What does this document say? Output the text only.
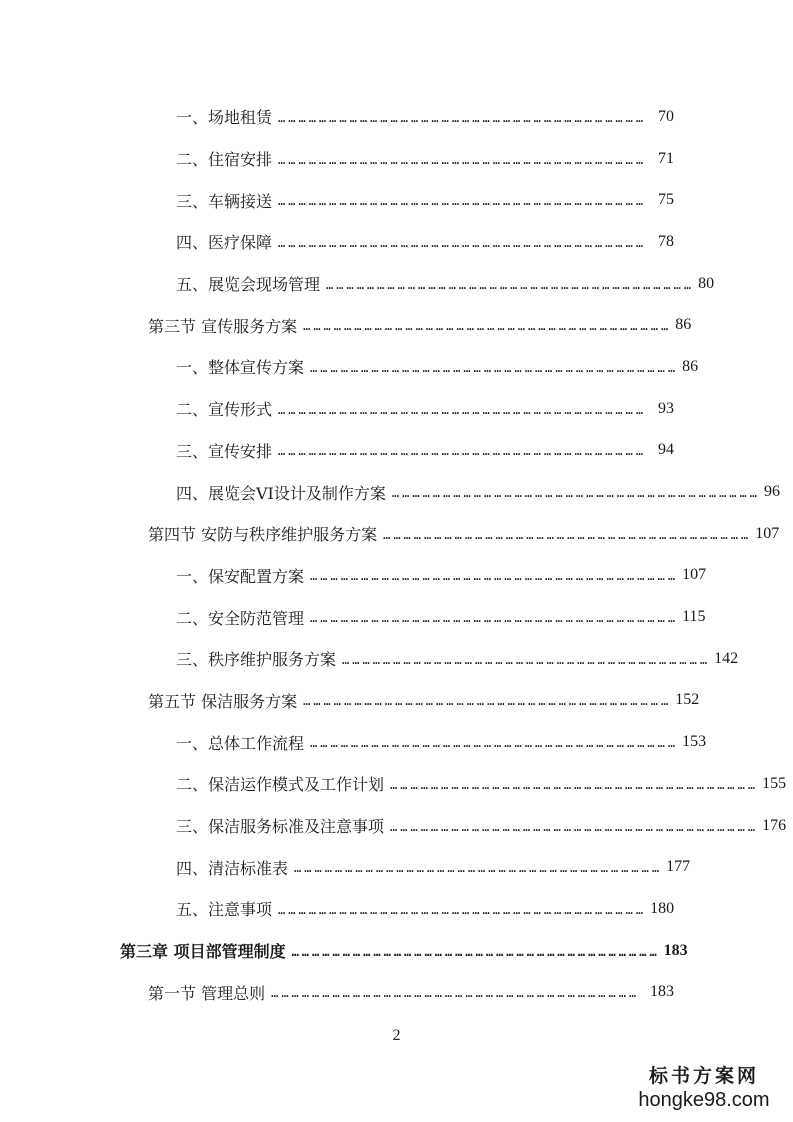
一、场地租赁 ……………………………………………………………………………………………… 70
二、住宿安排 ……………………………………………………………………………………………… 71
三、车辆接送 ……………………………………………………………………………………………… 75
四、医疗保障 ……………………………………………………………………………………………… 78
五、展览会现场管理 ……………………………………………………………………………………………… 80
第三节 宣传服务方案 ……………………………………………………………………………………………… 86
一、整体宣传方案 ……………………………………………………………………………………………… 86
二、宣传形式 ……………………………………………………………………………………………… 93
三、宣传安排 ……………………………………………………………………………………………… 94
四、展览会VI设计及制作方案 ……………………………………………………………………………………………… 96
第四节 安防与秩序维护服务方案 ……………………………………………………………………………………………… 107
一、保安配置方案 ……………………………………………………………………………………………… 107
二、安全防范管理 ……………………………………………………………………………………………… 115
三、秩序维护服务方案 ……………………………………………………………………………………………… 142
第五节 保洁服务方案 ……………………………………………………………………………………………… 152
一、总体工作流程 ……………………………………………………………………………………………… 153
二、保洁运作模式及工作计划 ……………………………………………………………………………………………… 155
三、保洁服务标准及注意事项 ……………………………………………………………………………………………… 176
四、清洁标准表 ……………………………………………………………………………………………… 177
五、注意事项 ……………………………………………………………………………………………… 180
第三章 项目部管理制度 ……………………………………………………………………………………………… 183
第一节 管理总则 ……………………………………………………………………………………………… 183
2
标书方案网
hongke98.com
